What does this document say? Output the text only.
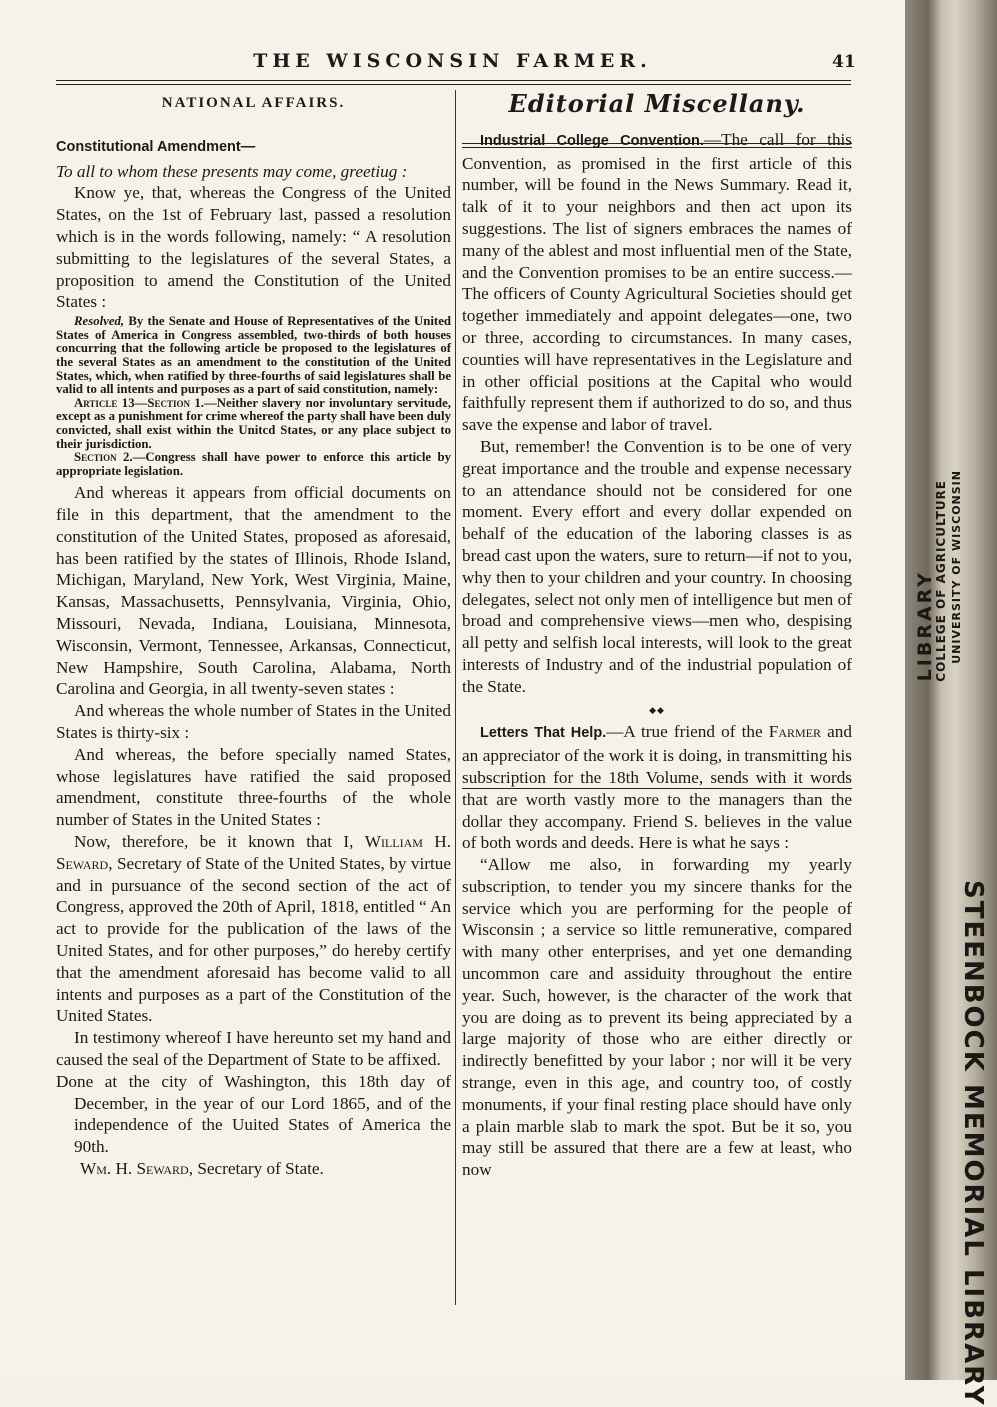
THE WISCONSIN FARMER.	41
NATIONAL AFFAIRS.
Constitutional Amendment—

To all to whom these presents may come, greetiug :

Know ye, that, whereas the Congress of the United States, on the 1st of February last, passed a resolution which is in the words following, namely: “ A resolution submitting to the legislatures of the several States, a proposition to amend the Constitution of the United States :

Resolved, By the Senate and House of Representatives of the United States of America in Congress assembled, two-thirds of both houses concurring that the following article be proposed to the legislatures of the several States as an amendment to the constitution of the United States, which, when ratified by three-fourths of said legislatures shall be valid to all intents and purposes as a part of said constitution, namely:

Article 13—Section 1.—Neither slavery nor involuntary servitude, except as a punishment for crime whereof the party shall have been duly convicted, shall exist within the Unitcd States, or any place subject to their jurisdiction.

Section 2.—Congress shall have power to enforce this article by appropriate legislation.

And whereas it appears from official documents on file in this department, that the amendment to the constitution of the United States, proposed as aforesaid, has been ratified by the states of Illinois, Rhode Island, Michigan, Maryland, New York, West Virginia, Maine, Kansas, Massachusetts, Pennsylvania, Virginia, Ohio, Missouri, Nevada, Indiana, Louisiana, Minnesota, Wisconsin, Vermont, Tennessee, Arkansas, Connecticut, New Hampshire, South Carolina, Alabama, North Carolina and Georgia, in all twenty-seven states :

And whereas the whole number of States in the United States is thirty-six :

And whereas, the before specially named States, whose legislatures have ratified the said proposed amendment, constitute three-fourths of the whole number of States in the United States :

Now, therefore, be it known that I, William H. Seward, Secretary of State of the United States, by virtue and in pursuance of the second section of the act of Congress, approved the 20th of April, 1818, entitled “ An act to provide for the publication of the laws of the United States, and for other purposes,” do hereby certify that the amendment aforesaid has become valid to all intents and purposes as a part of the Constitution of the United States.

In testimony whereof I have hereunto set my hand and caused the seal of the Department of State to be affixed.

Done at the city of Washington, this 18th day of December, in the year of our Lord 1865, and of the independence of the Uuited States of America the 90th.

Wm. H. Seward, Secretary of State.

Editorial Miscellany.

Industrial College Convention.—The call for this Convention, as promised in the first article of this number, will be found in the News Summary. Read it, talk of it to your neighbors and then act upon its suggestions. The list of signers embraces the names of many of the ablest and most influential men of the State, and the Convention promises to be an entire success.—The officers of County Agricultural Societies should get together immediately and appoint delegates—one, two or three, according to circumstances. In many cases, counties will have representatives in the Legislature and in other official positions at the Capital who would faithfully represent them if authorized to do so, and thus save the expense and labor of travel.

But, remember! the Convention is to be one of very great importance and the trouble and expense necessary to an attendance should not be considered for one moment. Every effort and every dollar expended on behalf of the education of the laboring classes is as bread cast upon the waters, sure to return—if not to you, why then to your children and your country. In choosing delegates, select not only men of intelligence but men of broad and comprehensive views—men who, despising all petty and selfish local interests, will look to the great interests of Industry and of the industrial population of the State.

◆◆

Letters That Help.—A true friend of the Farmer and an appreciator of the work it is doing, in transmitting his subscription for the 18th Volume, sends with it words that are worth vastly more to the managers than the dollar they accompany. Friend S. believes in the value of both words and deeds. Here is what he says :

“Allow me also, in forwarding my yearly subscription, to tender you my sincere thanks for the service which you are performing for the people of Wisconsin ; a service so little remunerative, compared with many other enterprises, and yet one demanding uncommon care and assiduity throughout the entire year. Such, however, is the character of the work that you are doing as to prevent its being appreciated by a large majority of those who are either directly or indirectly benefitted by your labor ; nor will it be very strange, even in this age, and country too, of costly monuments, if your final resting place should have only a plain marble slab to mark the spot. But be it so, you may still be assured that there are a few at least, who now

LIBRARY
COLLEGE OF AGRICULTURE UNIVERSITY OF WISCONSIN
STEENBOCK MEMORIAL LIBRARY
